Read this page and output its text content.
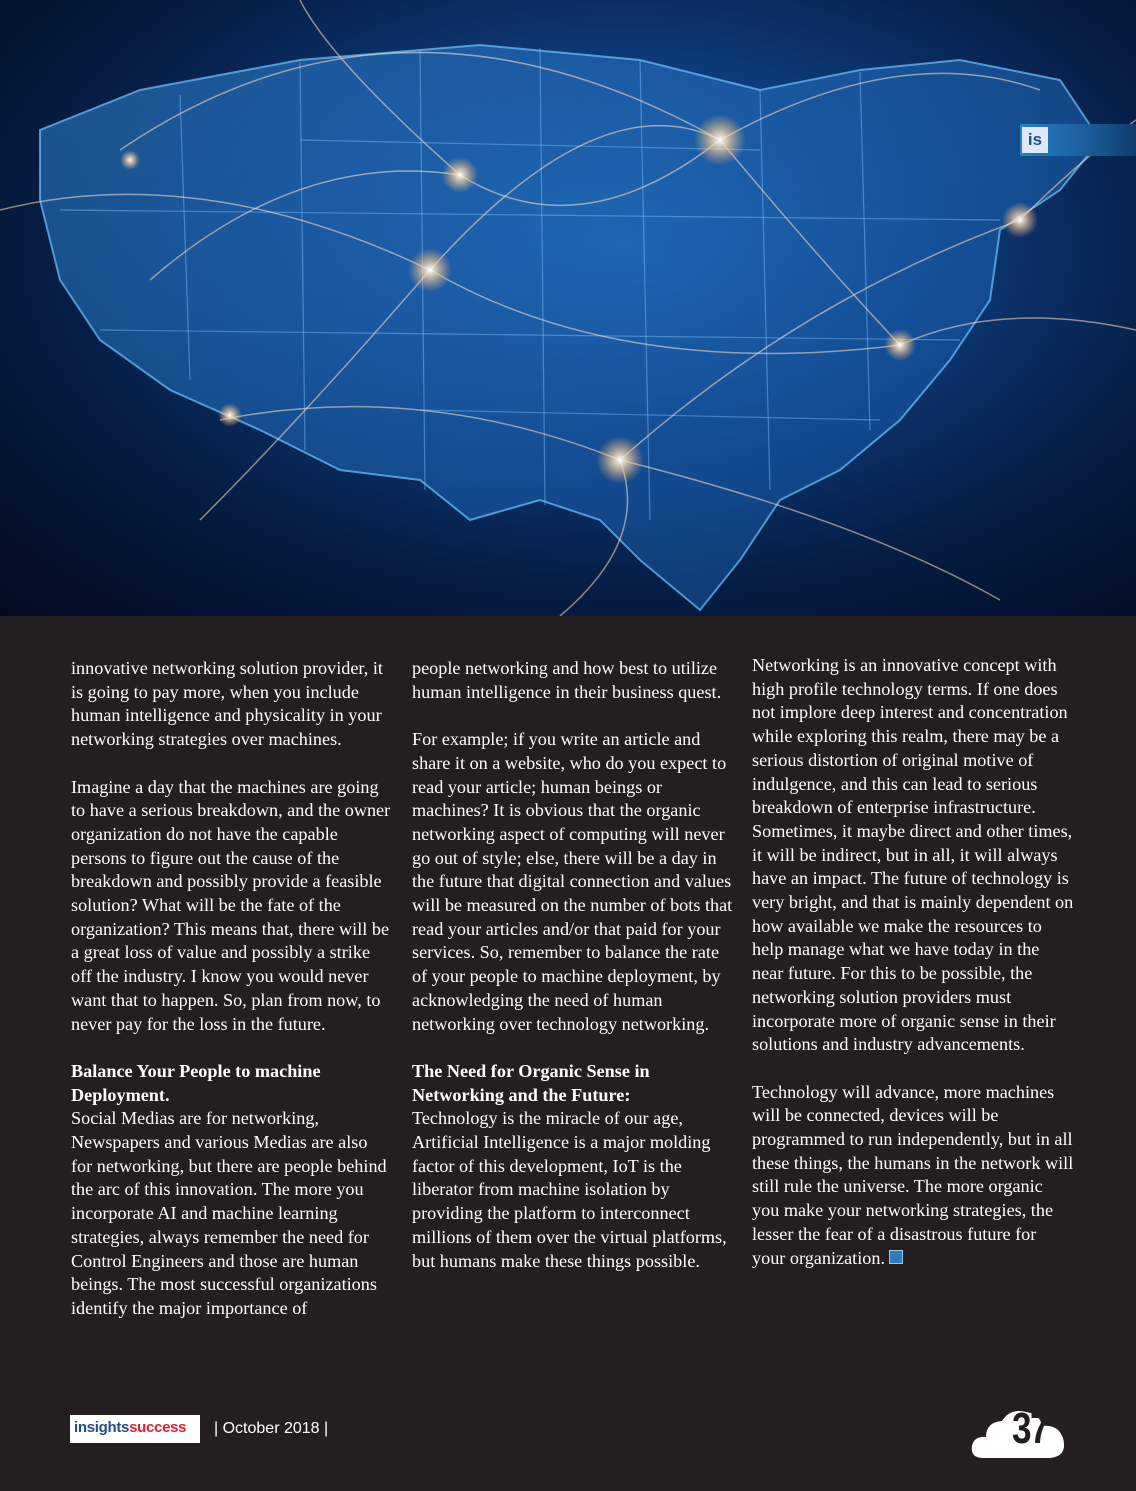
is

innovative networking solution provider, it is going to pay more, when you include human intelligence and physicality in your networking strategies over machines.

Imagine a day that the machines are going to have a serious breakdown, and the owner organization do not have the capable persons to figure out the cause of the breakdown and possibly provide a feasible solution? What will be the fate of the organization? This means that, there will be a great loss of value and possibly a strike off the industry. I know you would never want that to happen. So, plan from now, to never pay for the loss in the future.

Balance Your People to machine Deployment.

Social Medias are for networking, Newspapers and various Medias are also for networking, but there are people behind the arc of this innovation. The more you incorporate AI and machine learning strategies, always remember the need for Control Engineers and those are human beings. The most successful organizations identify the major importance of

people networking and how best to utilize human intelligence in their business quest.

For example; if you write an article and share it on a website, who do you expect to read your article; human beings or machines? It is obvious that the organic networking aspect of computing will never go out of style; else, there will be a day in the future that digital connection and values will be measured on the number of bots that read your articles and/or that paid for your services. So, remember to balance the rate of your people to machine deployment, by acknowledging the need of human networking over technology networking.

The Need for Organic Sense in Networking and the Future:

Technology is the miracle of our age, Artificial Intelligence is a major molding factor of this development, IoT is the liberator from machine isolation by providing the platform to interconnect millions of them over the virtual platforms, but humans make these things possible.

Networking is an innovative concept with high profile technology terms. If one does not implore deep interest and concentration while exploring this realm, there may be a serious distortion of original motive of indulgence, and this can lead to serious breakdown of enterprise infrastructure. Sometimes, it maybe direct and other times, it will be indirect, but in all, it will always have an impact. The future of technology is very bright, and that is mainly dependent on how available we make the resources to help manage what we have today in the near future. For this to be possible, the networking solution providers must incorporate more of organic sense in their solutions and industry advancements.

Technology will advance, more machines will be connected, devices will be programmed to run independently, but in all these things, the humans in the network will still rule the universe. The more organic you make your networking strategies, the lesser the fear of a disastrous future for your organization.

insightssuccess	| October 2018 |	37
